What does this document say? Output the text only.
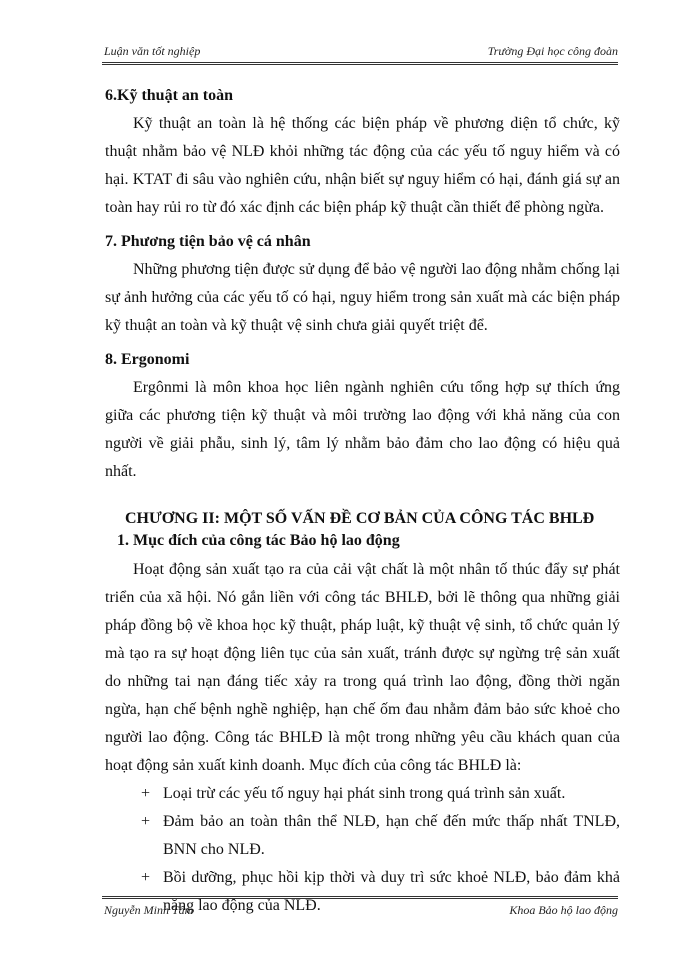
Luận văn tốt nghiệp	Trường Đại học công đoàn
6.Kỹ thuật an toàn

Kỹ thuật an toàn là hệ thống các biện pháp về phương diện tổ chức, kỹ thuật nhằm bảo vệ NLĐ khỏi những tác động của các yếu tố nguy hiểm và có hại. KTAT đi sâu vào nghiên cứu, nhận biết sự nguy hiểm có hại, đánh giá sự an toàn hay rủi ro từ đó xác định các biện pháp kỹ thuật cần thiết để phòng ngừa.

7. Phương tiện bảo vệ cá nhân

Những phương tiện được sử dụng để bảo vệ người lao động nhằm chống lại sự ảnh hưởng của các yếu tố có hại, nguy hiểm trong sản xuất mà các biện pháp kỹ thuật an toàn và kỹ thuật vệ sinh chưa giải quyết triệt để.

8. Ergonomi

Ergônmi là môn khoa học liên ngành nghiên cứu tổng hợp sự thích ứng giữa các phương tiện kỹ thuật và môi trường lao động với khả năng của con người về giải phẫu, sinh lý, tâm lý nhằm bảo đảm cho lao động có hiệu quả nhất.

CHƯƠNG II: MỘT SỐ VẤN ĐỀ CƠ BẢN CỦA CÔNG TÁC BHLĐ
1. Mục đích của công tác Bảo hộ lao động

Hoạt động sản xuất tạo ra của cải vật chất là một nhân tố thúc đẩy sự phát triển của xã hội. Nó gắn liền với công tác BHLĐ, bởi lẽ thông qua những giải pháp đồng bộ về khoa học kỹ thuật, pháp luật, kỹ thuật vệ sinh, tổ chức quản lý mà tạo ra sự hoạt động liên tục của sản xuất, tránh được sự ngừng trệ sản xuất do những tai nạn đáng tiếc xảy ra trong quá trình lao động, đồng thời ngăn ngừa, hạn chế bệnh nghề nghiệp, hạn chế ốm đau nhằm đảm bảo sức khoẻ cho người lao động. Công tác BHLĐ là một trong những yêu cầu khách quan của hoạt động sản xuất kinh doanh. Mục đích của công tác BHLĐ là:

+ Loại trừ các yếu tố nguy hại phát sinh trong quá trình sản xuất.
+ Đảm bảo an toàn thân thể NLĐ, hạn chế đến mức thấp nhất TNLĐ, BNN cho NLĐ.
+ Bồi dưỡng, phục hồi kịp thời và duy trì sức khoẻ NLĐ, bảo đảm khả năng lao động của NLĐ.
Nguyễn Minh Tâm	Khoa Bảo hộ lao động
